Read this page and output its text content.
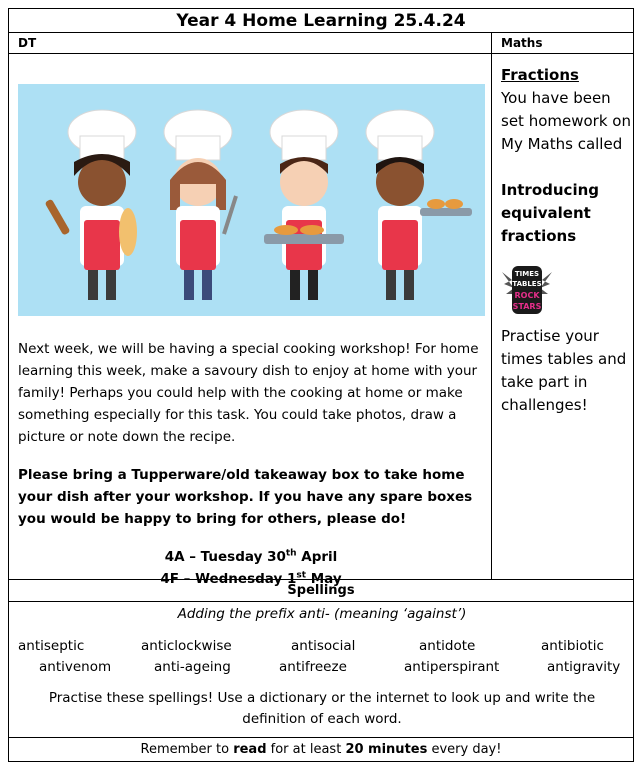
Year 4 Home Learning 25.4.24
DT	Maths
Next week, we will be having a special cooking workshop! For home learning this week, make a savoury dish to enjoy at home with your family! Perhaps you could help with the cooking at home or make something especially for this task. You could take photos, draw a picture or note down the recipe.
Please bring a Tupperware/old takeaway box to take home your dish after your workshop. If you have any spare boxes you would be happy to bring for others, please do!
4A – Tuesday 30th April
4F – Wednesday 1st May
Fractions
You have been set homework on My Maths called
Introducing equivalent fractions
TIMES
TABLES
ROCK
STARS
Practise your times tables and take part in challenges!
Spellings
Adding the prefix anti- (meaning ‘against’)
antiseptic	anticlockwise	antisocial	antidote	antibiotic
antivenom	anti-ageing	antifreeze	antiperspirant	antigravity
Practise these spellings! Use a dictionary or the internet to look up and write the definition of each word.
Remember to read for at least 20 minutes every day!
